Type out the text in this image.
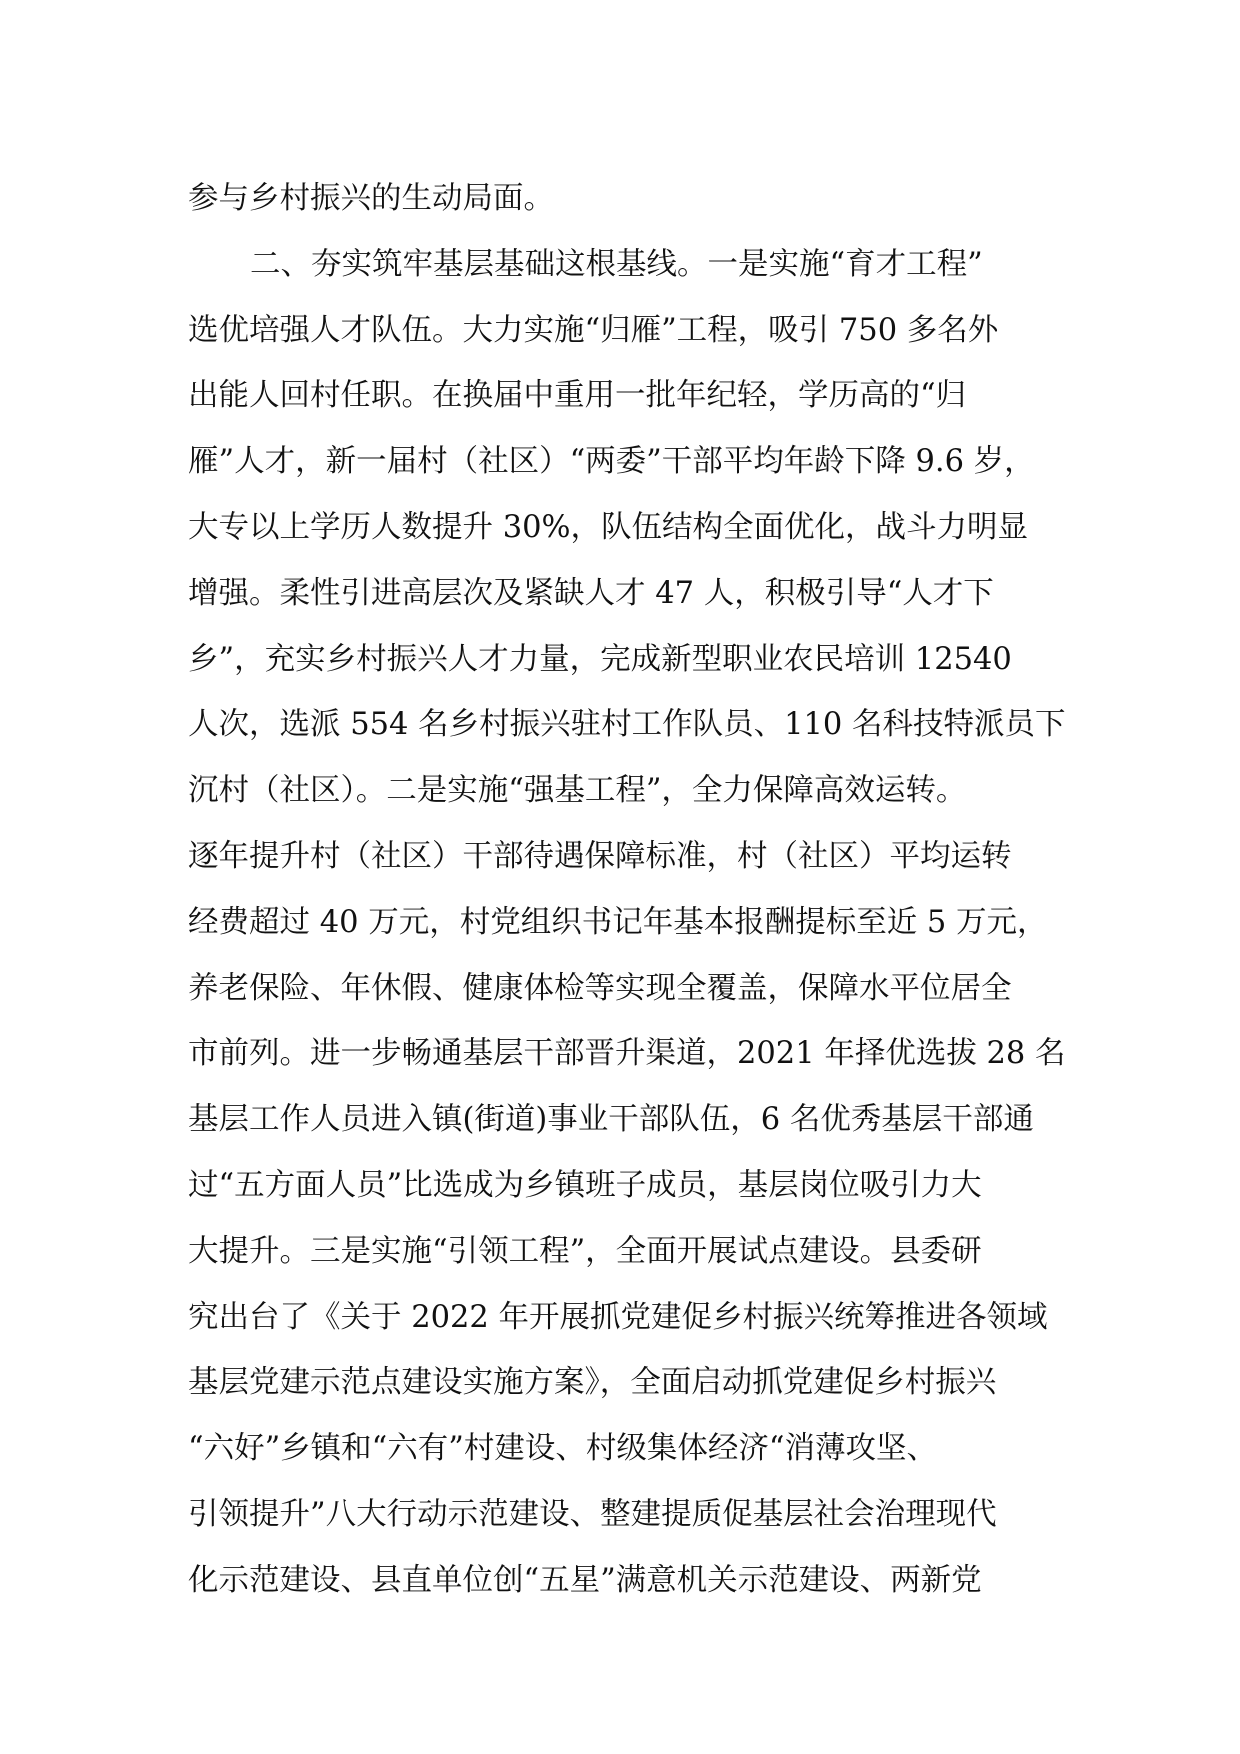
参与乡村振兴的生动局面。
二、夯实筑牢基层基础这根基线。一是实施“育才工程”
选优培强人才队伍。大力实施“归雁”工程，吸引 750 多名外
出能人回村任职。在换届中重用一批年纪轻，学历高的“归
雁”人才，新一届村（社区）“两委”干部平均年龄下降 9.6 岁，
大专以上学历人数提升 30%，队伍结构全面优化，战斗力明显
增强。柔性引进高层次及紧缺人才 47 人，积极引导“人才下
乡”，充实乡村振兴人才力量，完成新型职业农民培训 12540
人次，选派 554 名乡村振兴驻村工作队员、110 名科技特派员下
沉村（社区）。二是实施“强基工程”，全力保障高效运转。
逐年提升村（社区）干部待遇保障标准，村（社区）平均运转
经费超过 40 万元，村党组织书记年基本报酬提标至近 5 万元，
养老保险、年休假、健康体检等实现全覆盖，保障水平位居全
市前列。进一步畅通基层干部晋升渠道，2021 年择优选拔 28 名
基层工作人员进入镇(街道)事业干部队伍，6 名优秀基层干部通
过“五方面人员”比选成为乡镇班子成员，基层岗位吸引力大
大提升。三是实施“引领工程”，全面开展试点建设。县委研
究出台了《关于 2022 年开展抓党建促乡村振兴统筹推进各领域
基层党建示范点建设实施方案》，全面启动抓党建促乡村振兴
“六好”乡镇和“六有”村建设、村级集体经济“消薄攻坚、
引领提升”八大行动示范建设、整建提质促基层社会治理现代
化示范建设、县直单位创“五星”满意机关示范建设、两新党
